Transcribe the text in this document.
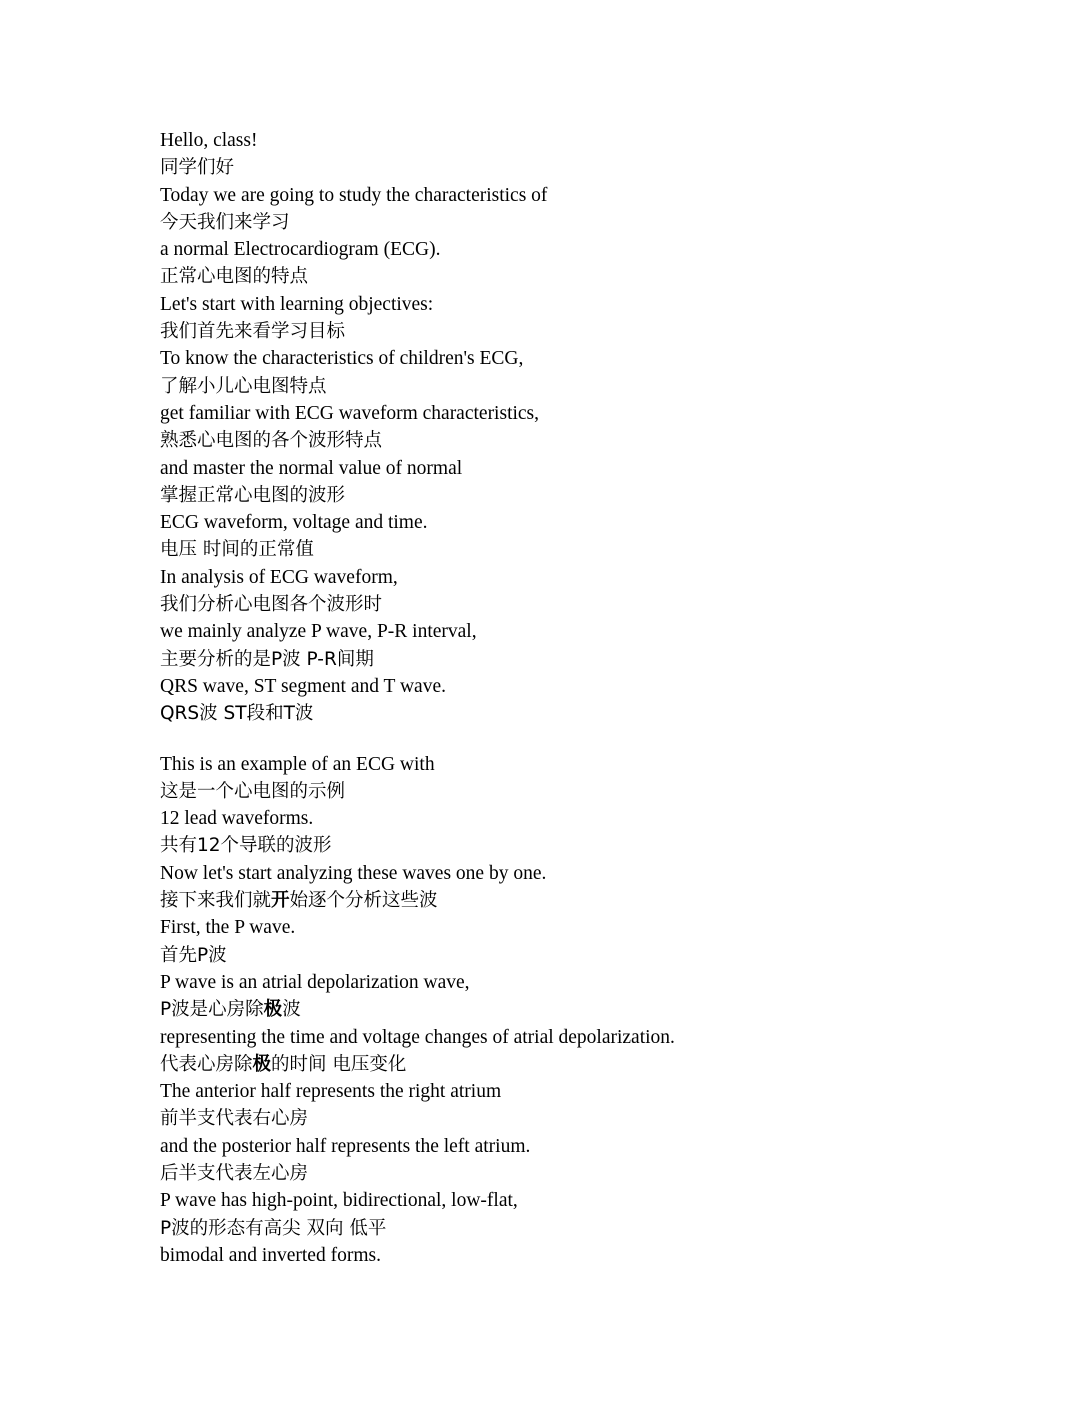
Hello, class!
同学们好
Today we are going to study the characteristics of
今天我们来学习
a normal Electrocardiogram (ECG).
正常心电图的特点
Let's start with learning objectives:
我们首先来看学习目标
To know the characteristics of children's ECG,
了解小儿心电图特点
get familiar with ECG waveform characteristics,
熟悉心电图的各个波形特点
and master the normal value of normal
掌握正常心电图的波形
ECG waveform, voltage and time.
电压 时间的正常值
In analysis of ECG waveform,
我们分析心电图各个波形时
we mainly analyze P wave, P-R interval,
主要分析的是P波 P-R间期
QRS wave, ST segment and T wave.
QRS波 ST段和T波
This is an example of an ECG with
这是一个心电图的示例
12 lead waveforms.
共有12个导联的波形
Now let's start analyzing these waves one by one.
接下来我们就开始逐个分析这些波
First, the P wave.
首先P波
P wave is an atrial depolarization wave,
P波是心房除极波
representing the time and voltage changes of atrial depolarization.
代表心房除极的时间 电压变化
The anterior half represents the right atrium
前半支代表右心房
and the posterior half represents the left atrium.
后半支代表左心房
P wave has high-point, bidirectional, low-flat,
P波的形态有高尖 双向 低平
bimodal and inverted forms.
